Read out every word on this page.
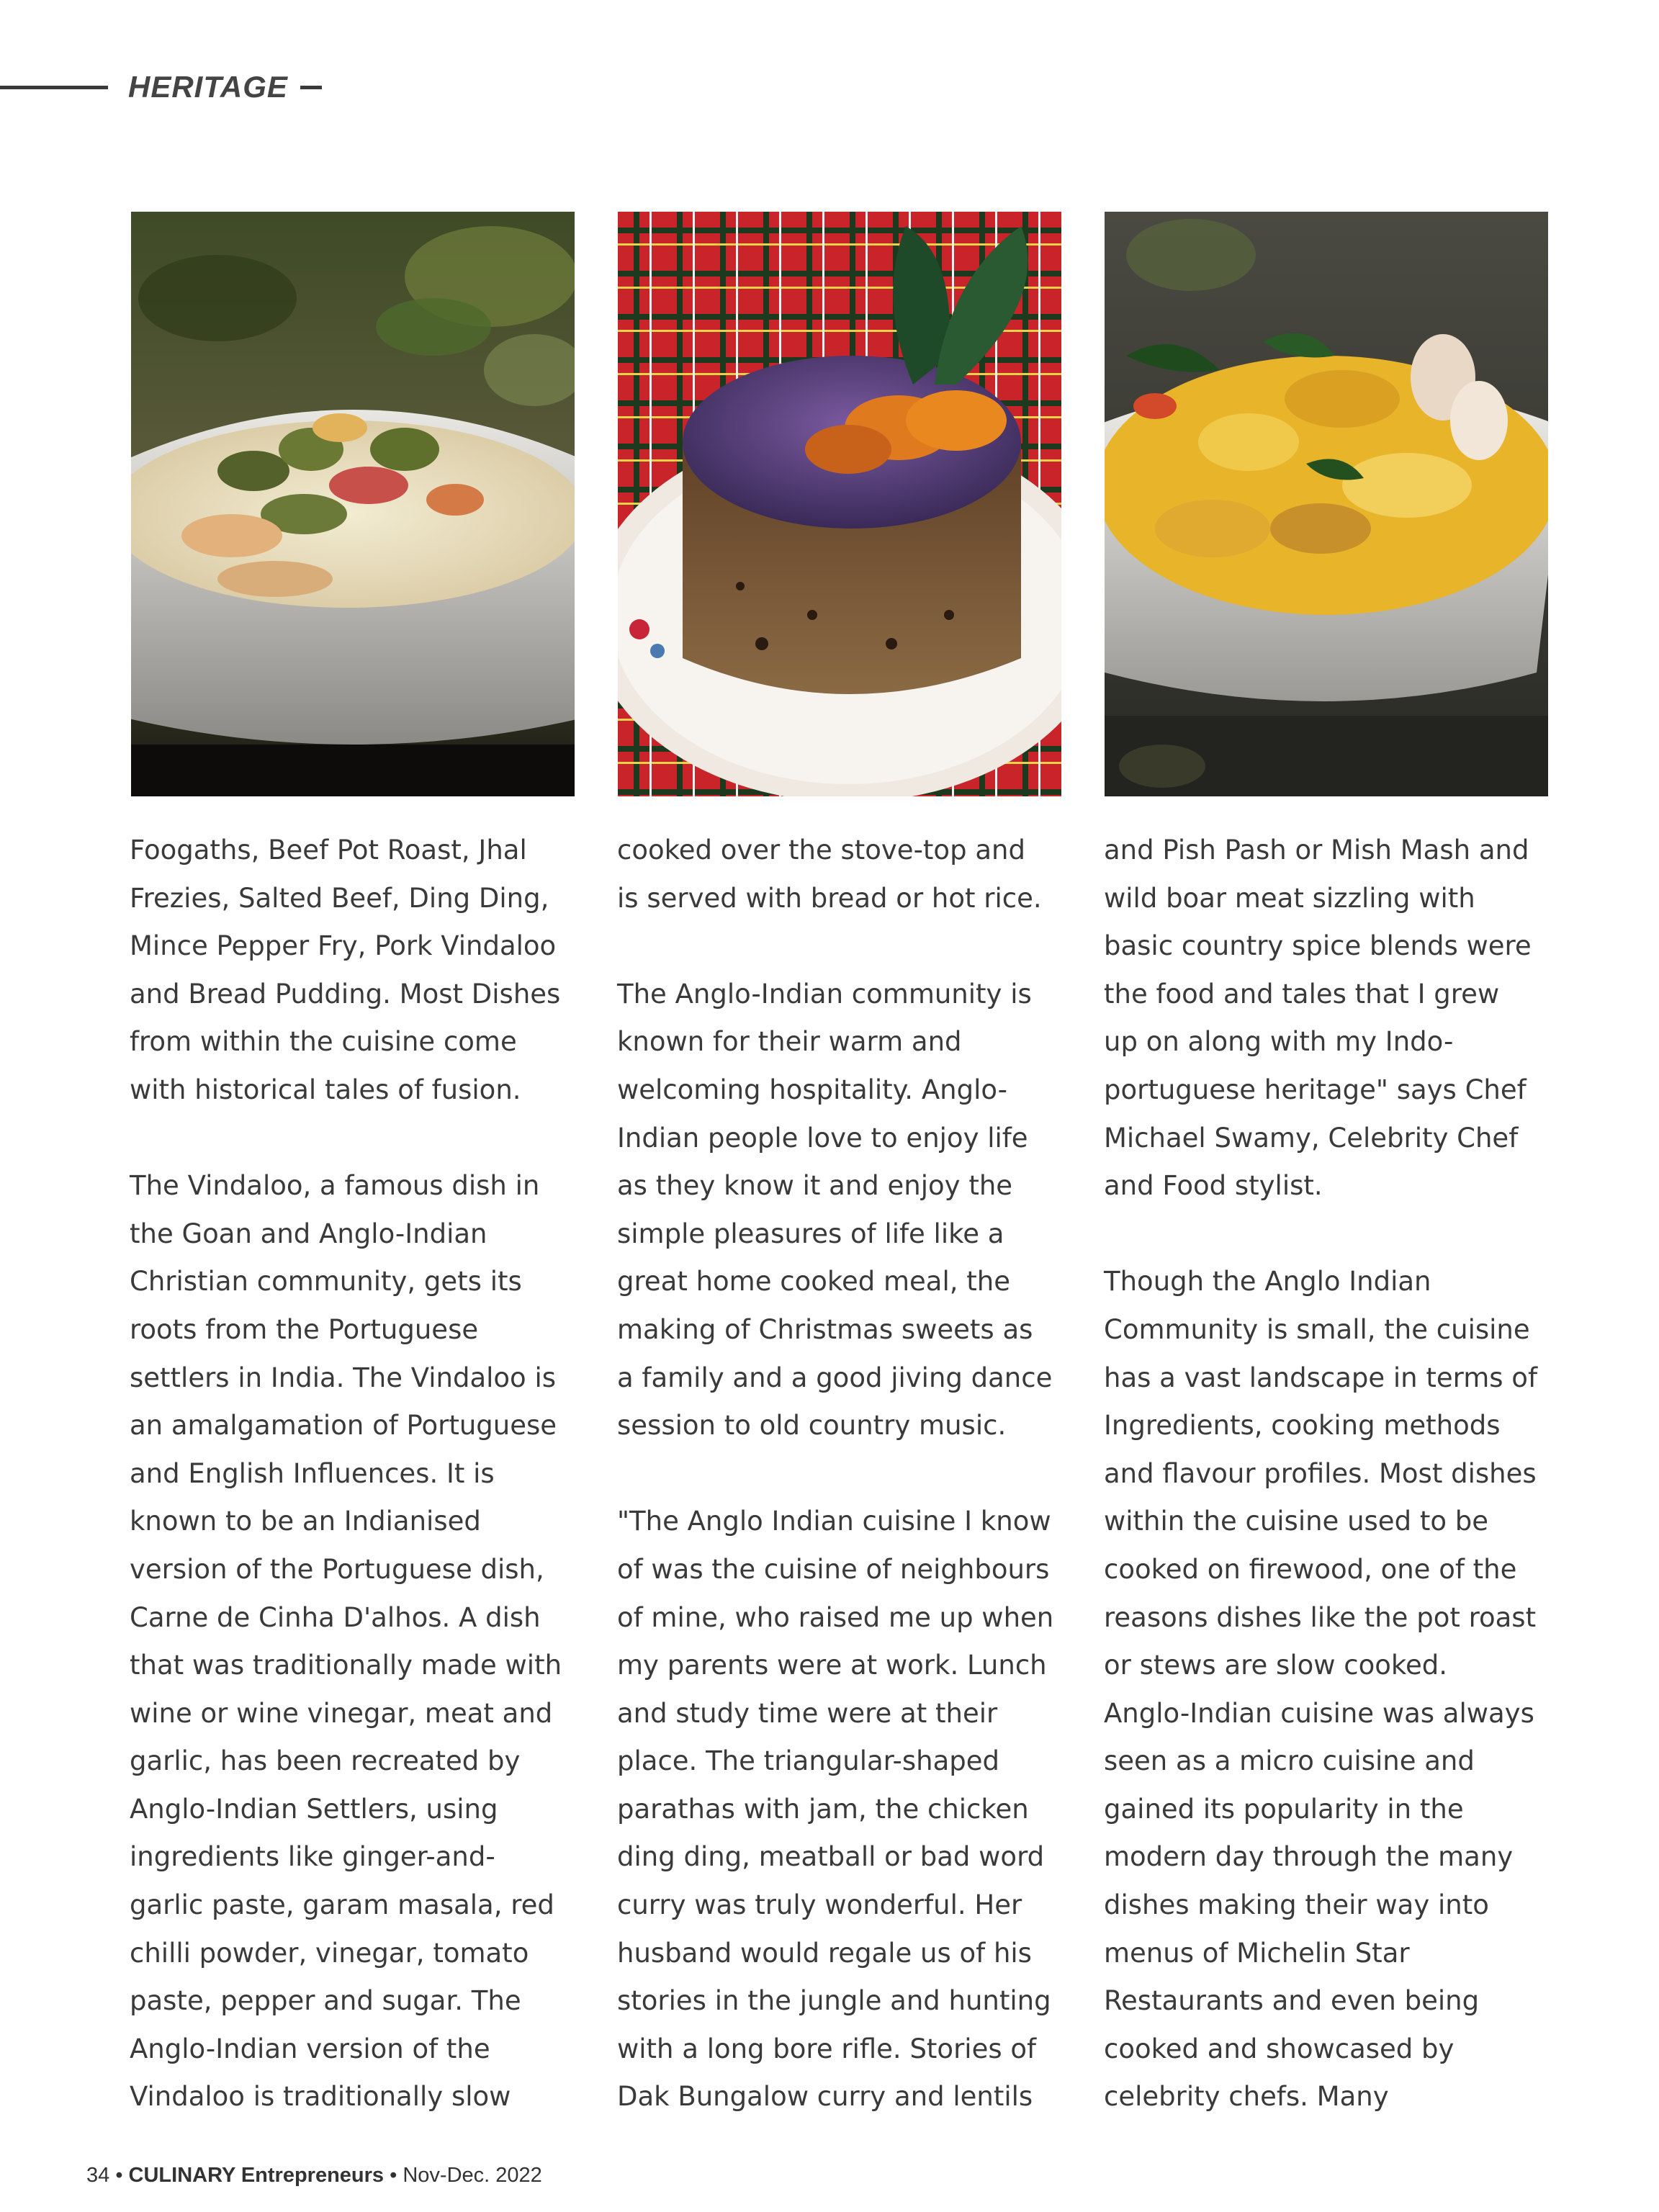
HERITAGE

Foogaths, Beef Pot Roast, Jhal
Frezies, Salted Beef, Ding Ding,
Mince Pepper Fry, Pork Vindaloo
and Bread Pudding. Most Dishes
from within the cuisine come
with historical tales of fusion.

The Vindaloo, a famous dish in
the Goan and Anglo-Indian
Christian community, gets its
roots from the Portuguese
settlers in India. The Vindaloo is
an amalgamation of Portuguese
and English Influences. It is
known to be an Indianised
version of the Portuguese dish,
Carne de Cinha D'alhos. A dish
that was traditionally made with
wine or wine vinegar, meat and
garlic, has been recreated by
Anglo-Indian Settlers, using
ingredients like ginger-and-
garlic paste, garam masala, red
chilli powder, vinegar, tomato
paste, pepper and sugar. The
Anglo-Indian version of the
Vindaloo is traditionally slow

cooked over the stove-top and
is served with bread or hot rice.

The Anglo-Indian community is
known for their warm and
welcoming hospitality. Anglo-
Indian people love to enjoy life
as they know it and enjoy the
simple pleasures of life like a
great home cooked meal, the
making of Christmas sweets as
a family and a good jiving dance
session to old country music.

"The Anglo Indian cuisine I know
of was the cuisine of neighbours
of mine, who raised me up when
my parents were at work. Lunch
and study time were at their
place. The triangular-shaped
parathas with jam, the chicken
ding ding, meatball or bad word
curry was truly wonderful. Her
husband would regale us of his
stories in the jungle and hunting
with a long bore rifle. Stories of
Dak Bungalow curry and lentils

and Pish Pash or Mish Mash and
wild boar meat sizzling with
basic country spice blends were
the food and tales that I grew
up on along with my Indo-
portuguese heritage" says Chef
Michael Swamy, Celebrity Chef
and Food stylist.

Though the Anglo Indian
Community is small, the cuisine
has a vast landscape in terms of
Ingredients, cooking methods
and flavour profiles. Most dishes
within the cuisine used to be
cooked on firewood, one of the
reasons dishes like the pot roast
or stews are slow cooked.
Anglo-Indian cuisine was always
seen as a micro cuisine and
gained its popularity in the
modern day through the many
dishes making their way into
menus of Michelin Star
Restaurants and even being
cooked and showcased by
celebrity chefs. Many

34 • CULINARY Entrepreneurs • Nov-Dec. 2022
